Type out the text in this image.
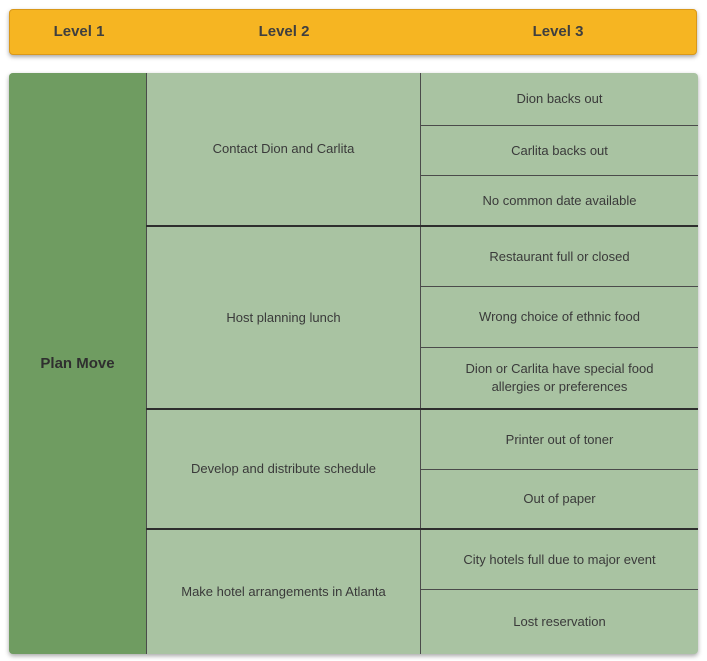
Level 1	Level 2	Level 3
Plan Move
Contact Dion and Carlita
Dion backs out
Carlita backs out
No common date available
Host planning lunch
Restaurant full or closed
Wrong choice of ethnic food
Dion or Carlita have special food allergies or preferences
Develop and distribute schedule
Printer out of toner
Out of paper
Make hotel arrangements in Atlanta
City hotels full due to major event
Lost reservation
